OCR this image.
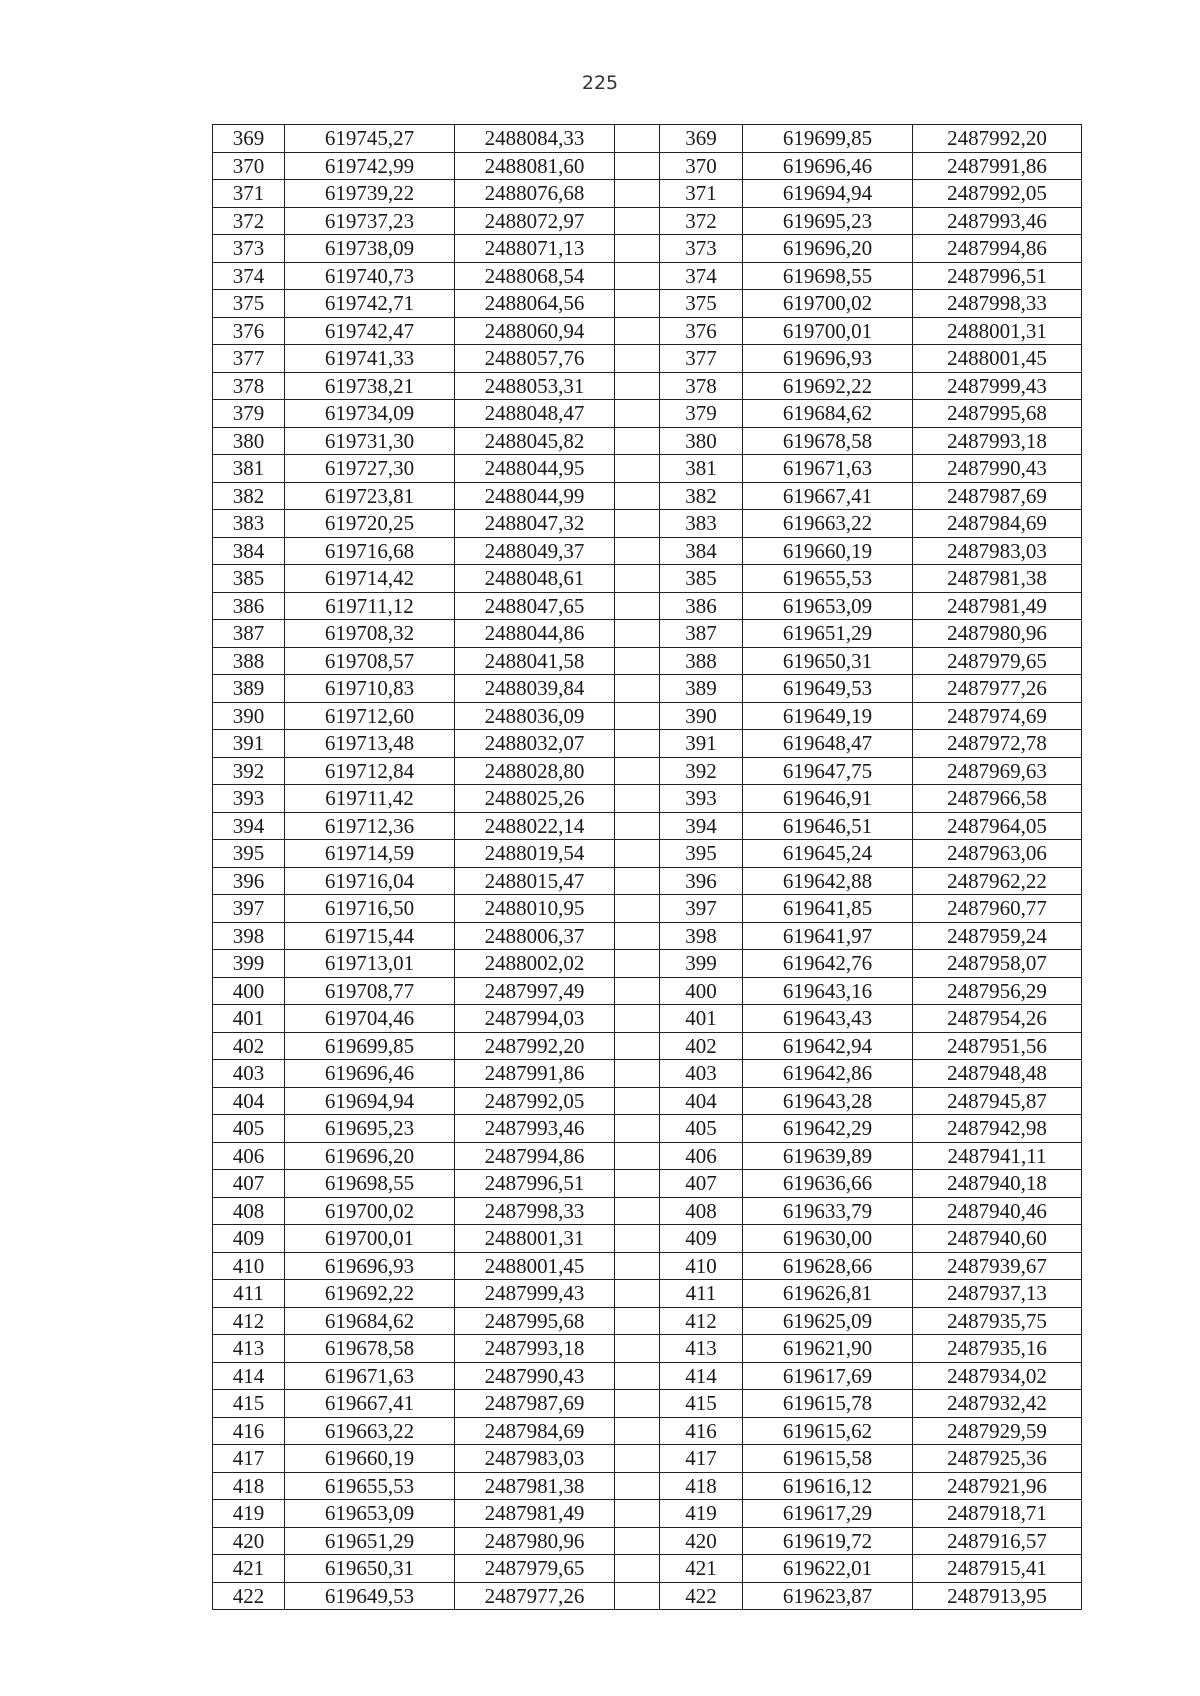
225
369	619745,27	2488084,33		369	619699,85	2487992,20
370	619742,99	2488081,60		370	619696,46	2487991,86
371	619739,22	2488076,68		371	619694,94	2487992,05
372	619737,23	2488072,97		372	619695,23	2487993,46
373	619738,09	2488071,13		373	619696,20	2487994,86
374	619740,73	2488068,54		374	619698,55	2487996,51
375	619742,71	2488064,56		375	619700,02	2487998,33
376	619742,47	2488060,94		376	619700,01	2488001,31
377	619741,33	2488057,76		377	619696,93	2488001,45
378	619738,21	2488053,31		378	619692,22	2487999,43
379	619734,09	2488048,47		379	619684,62	2487995,68
380	619731,30	2488045,82		380	619678,58	2487993,18
381	619727,30	2488044,95		381	619671,63	2487990,43
382	619723,81	2488044,99		382	619667,41	2487987,69
383	619720,25	2488047,32		383	619663,22	2487984,69
384	619716,68	2488049,37		384	619660,19	2487983,03
385	619714,42	2488048,61		385	619655,53	2487981,38
386	619711,12	2488047,65		386	619653,09	2487981,49
387	619708,32	2488044,86		387	619651,29	2487980,96
388	619708,57	2488041,58		388	619650,31	2487979,65
389	619710,83	2488039,84		389	619649,53	2487977,26
390	619712,60	2488036,09		390	619649,19	2487974,69
391	619713,48	2488032,07		391	619648,47	2487972,78
392	619712,84	2488028,80		392	619647,75	2487969,63
393	619711,42	2488025,26		393	619646,91	2487966,58
394	619712,36	2488022,14		394	619646,51	2487964,05
395	619714,59	2488019,54		395	619645,24	2487963,06
396	619716,04	2488015,47		396	619642,88	2487962,22
397	619716,50	2488010,95		397	619641,85	2487960,77
398	619715,44	2488006,37		398	619641,97	2487959,24
399	619713,01	2488002,02		399	619642,76	2487958,07
400	619708,77	2487997,49		400	619643,16	2487956,29
401	619704,46	2487994,03		401	619643,43	2487954,26
402	619699,85	2487992,20		402	619642,94	2487951,56
403	619696,46	2487991,86		403	619642,86	2487948,48
404	619694,94	2487992,05		404	619643,28	2487945,87
405	619695,23	2487993,46		405	619642,29	2487942,98
406	619696,20	2487994,86		406	619639,89	2487941,11
407	619698,55	2487996,51		407	619636,66	2487940,18
408	619700,02	2487998,33		408	619633,79	2487940,46
409	619700,01	2488001,31		409	619630,00	2487940,60
410	619696,93	2488001,45		410	619628,66	2487939,67
411	619692,22	2487999,43		411	619626,81	2487937,13
412	619684,62	2487995,68		412	619625,09	2487935,75
413	619678,58	2487993,18		413	619621,90	2487935,16
414	619671,63	2487990,43		414	619617,69	2487934,02
415	619667,41	2487987,69		415	619615,78	2487932,42
416	619663,22	2487984,69		416	619615,62	2487929,59
417	619660,19	2487983,03		417	619615,58	2487925,36
418	619655,53	2487981,38		418	619616,12	2487921,96
419	619653,09	2487981,49		419	619617,29	2487918,71
420	619651,29	2487980,96		420	619619,72	2487916,57
421	619650,31	2487979,65		421	619622,01	2487915,41
422	619649,53	2487977,26		422	619623,87	2487913,95
